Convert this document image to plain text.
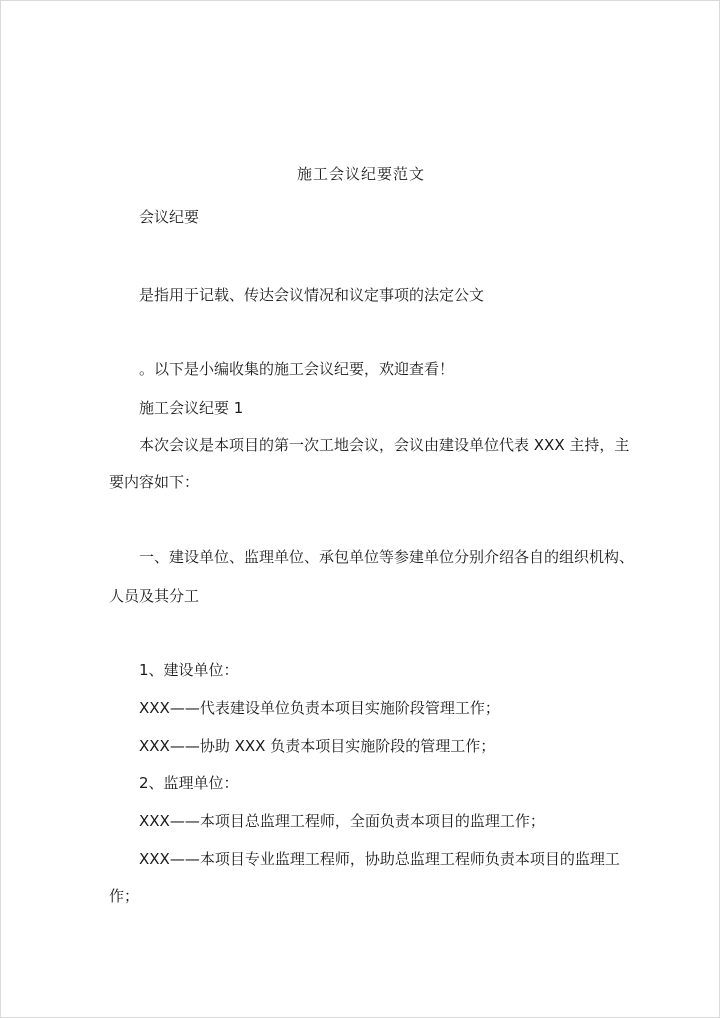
施工会议纪要范文
会议纪要
是指用于记载、传达会议情况和议定事项的法定公文
。以下是小编收集的施工会议纪要，欢迎查看！
施工会议纪要 1
本次会议是本项目的第一次工地会议，会议由建设单位代表 XXX 主持，主
要内容如下：
一、建设单位、监理单位、承包单位等参建单位分别介绍各自的组织机构、
人员及其分工
1、建设单位：
XXX——代表建设单位负责本项目实施阶段管理工作；
XXX——协助 XXX 负责本项目实施阶段的管理工作；
2、监理单位：
XXX——本项目总监理工程师，全面负责本项目的监理工作；
XXX——本项目专业监理工程师，协助总监理工程师负责本项目的监理工
作；
